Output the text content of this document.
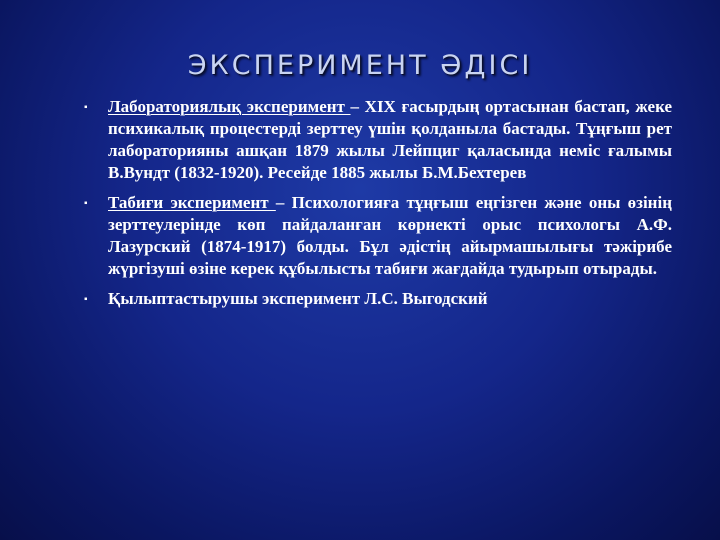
ЭКСПЕРИМЕНТ ӘДІСІ
▪ Лабораториялық эксперимент – XIX ғасырдың ортасынан бастап, жеке психикалық процестерді зерттеу үшін қолданыла бастады. Тұңғыш рет лабораторияны ашқан 1879 жылы Лейпциг қаласында неміс ғалымы В.Вундт (1832-1920). Ресейде 1885 жылы Б.М.Бехтерев
▪ Табиғи эксперимент – Психологияға тұңғыш еңгізген және оны өзінің зерттеулерінде көп пайдаланған көрнекті орыс психологы А.Ф. Лазурский (1874-1917) болды. Бұл әдістің айырмашылығы тәжірибе жүргізуші өзіне керек құбылысты табиғи жағдайда тудырып отырады.
▪ Қылыптастырушы эксперимент Л.С. Выгодский
